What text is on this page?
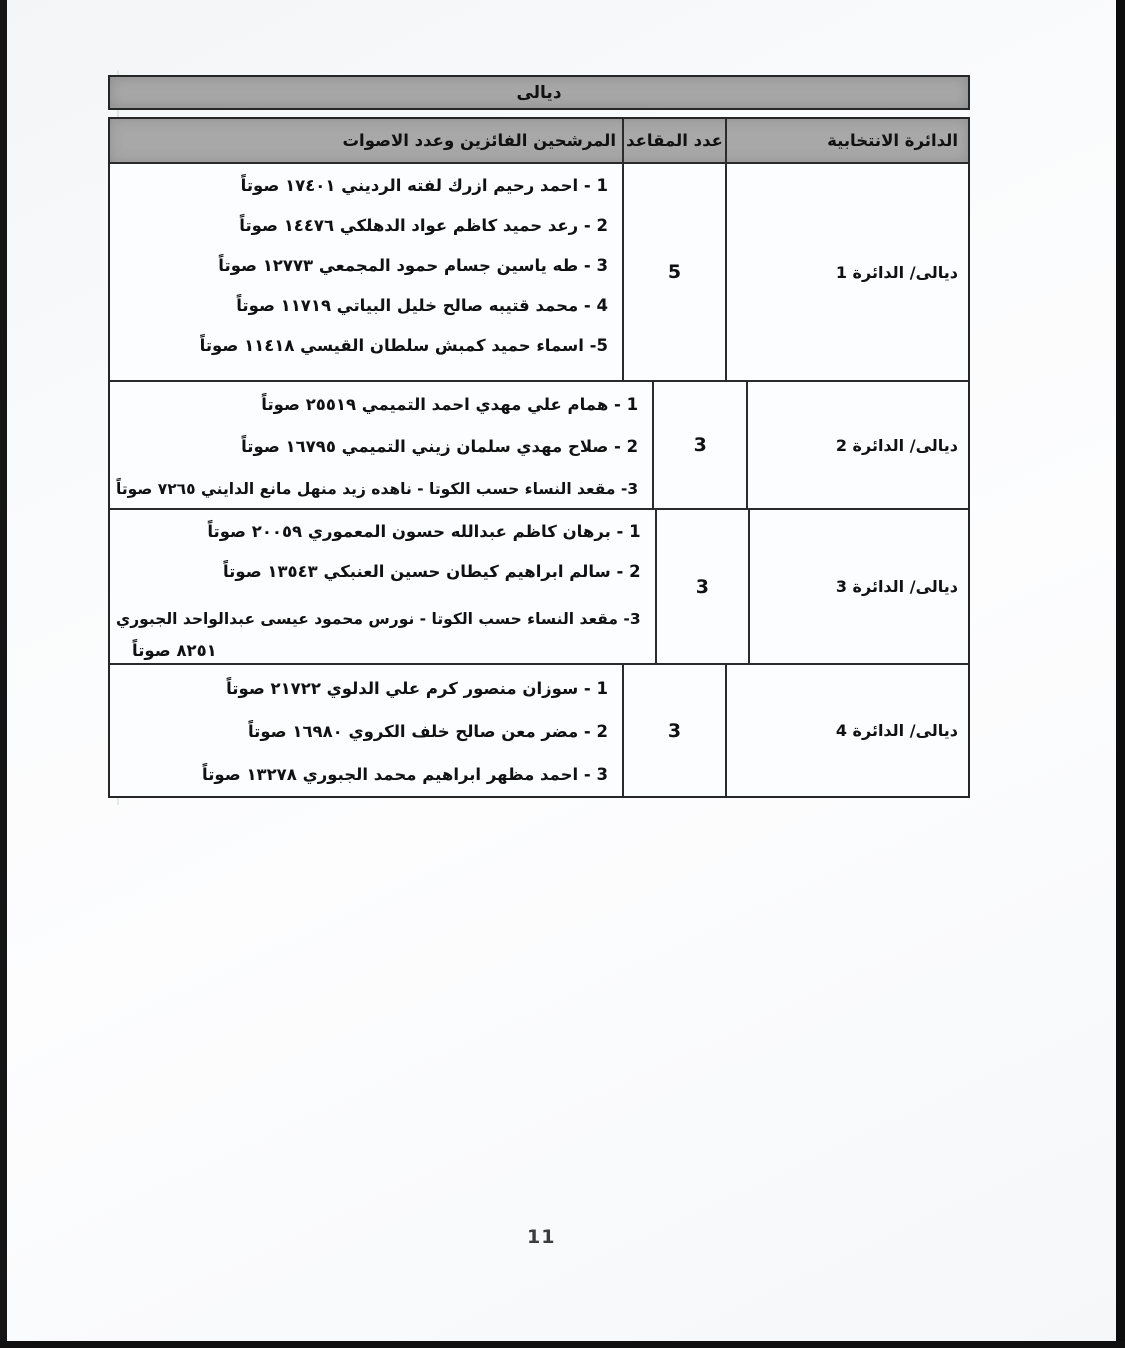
ديالى
الدائرة الانتخابية
عدد المقاعد
المرشحين الفائزين وعدد الاصوات
ديالى/ الدائرة 1
5
1 - احمد رحيم ازرك لفته الرديني ١٧٤٠١ صوتاً
2 - رعد حميد كاظم عواد الدهلكي ١٤٤٧٦ صوتاً
3 - طه ياسين جسام حمود المجمعي ١٢٧٧٣ صوتاً
4 - محمد قتيبه صالح خليل البياتي ١١٧١٩ صوتاً
5- اسماء حميد كمبش سلطان القيسي ١١٤١٨ صوتاً
ديالى/ الدائرة 2
3
1 - همام علي مهدي احمد التميمي ٢٥٥١٩ صوتاً
2 - صلاح مهدي سلمان زيني التميمي ١٦٧٩٥ صوتاً
3- مقعد النساء حسب الكوتا - ناهده زيد منهل مانع الدايني ٧٢٦٥ صوتاً
ديالى/ الدائرة 3
3
1 - برهان كاظم عبدالله حسون المعموري ٢٠٠٥٩ صوتاً
2 - سالم ابراهيم كيطان حسين العنبكي ١٣٥٤٣ صوتاً
3- مقعد النساء حسب الكوتا - نورس محمود عيسى عبدالواحد الجبوري
٨٢٥١ صوتاً
ديالى/ الدائرة 4
3
1 - سوزان منصور كرم علي الدلوي ٢١٧٢٢ صوتاً
2 - مضر معن صالح خلف الكروي ١٦٩٨٠ صوتاً
3 - احمد مظهر ابراهيم محمد الجبوري ١٣٢٧٨ صوتاً
11
